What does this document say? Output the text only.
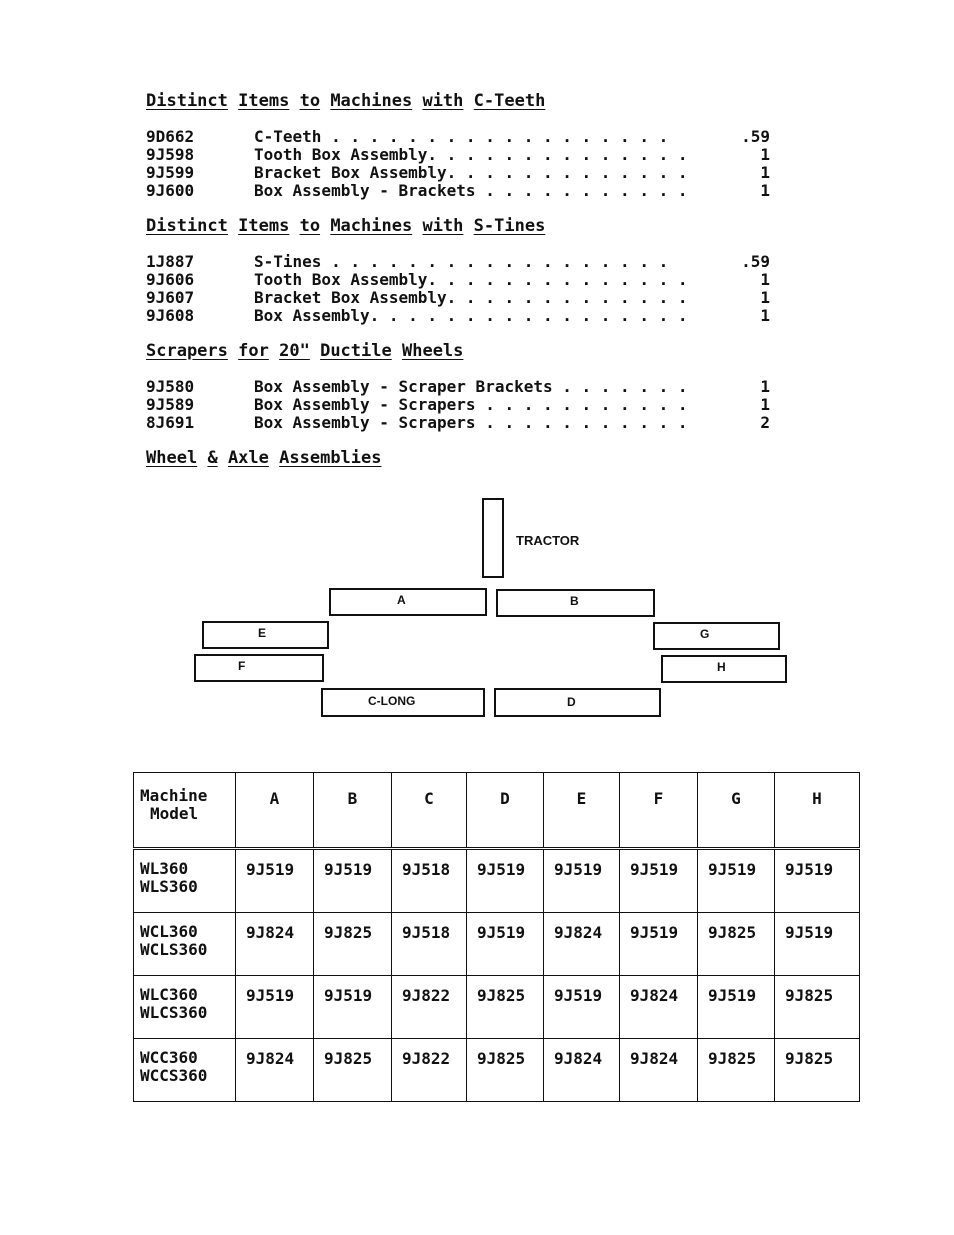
Distinct Items to Machines with C-Teeth
9D662	C-Teeth . . . . . . . . . . . . . . . . . .	.59
9J598	Tooth Box Assembly. . . . . . . . . . . . . .	1
9J599	Bracket Box Assembly. . . . . . . . . . . . .	1
9J600	Box Assembly - Brackets . . . . . . . . . . .	1
Distinct Items to Machines with S-Tines
1J887	S-Tines . . . . . . . . . . . . . . . . . .	.59
9J606	Tooth Box Assembly. . . . . . . . . . . . . .	1
9J607	Bracket Box Assembly. . . . . . . . . . . . .	1
9J608	Box Assembly. . . . . . . . . . . . . . . . .	1
Scrapers for 20" Ductile Wheels
9J580	Box Assembly - Scraper Brackets . . . . . . .	1
9J589	Box Assembly - Scrapers . . . . . . . . . . .	1
8J691	Box Assembly - Scrapers . . . . . . . . . . .	2
Wheel & Axle Assemblies
TRACTOR
A	B
E	G
F	H
C-LONG	D
Machine
Model	A	B	C	D	E	F	G	H

WL360
WLS360	9J519	9J519	9J518	9J519	9J519	9J519	9J519	9J519

WCL360
WCLS360	9J824	9J825	9J518	9J519	9J824	9J519	9J825	9J519

WLC360
WLCS360	9J519	9J519	9J822	9J825	9J519	9J824	9J519	9J825

WCC360
WCCS360	9J824	9J825	9J822	9J825	9J824	9J824	9J825	9J825
